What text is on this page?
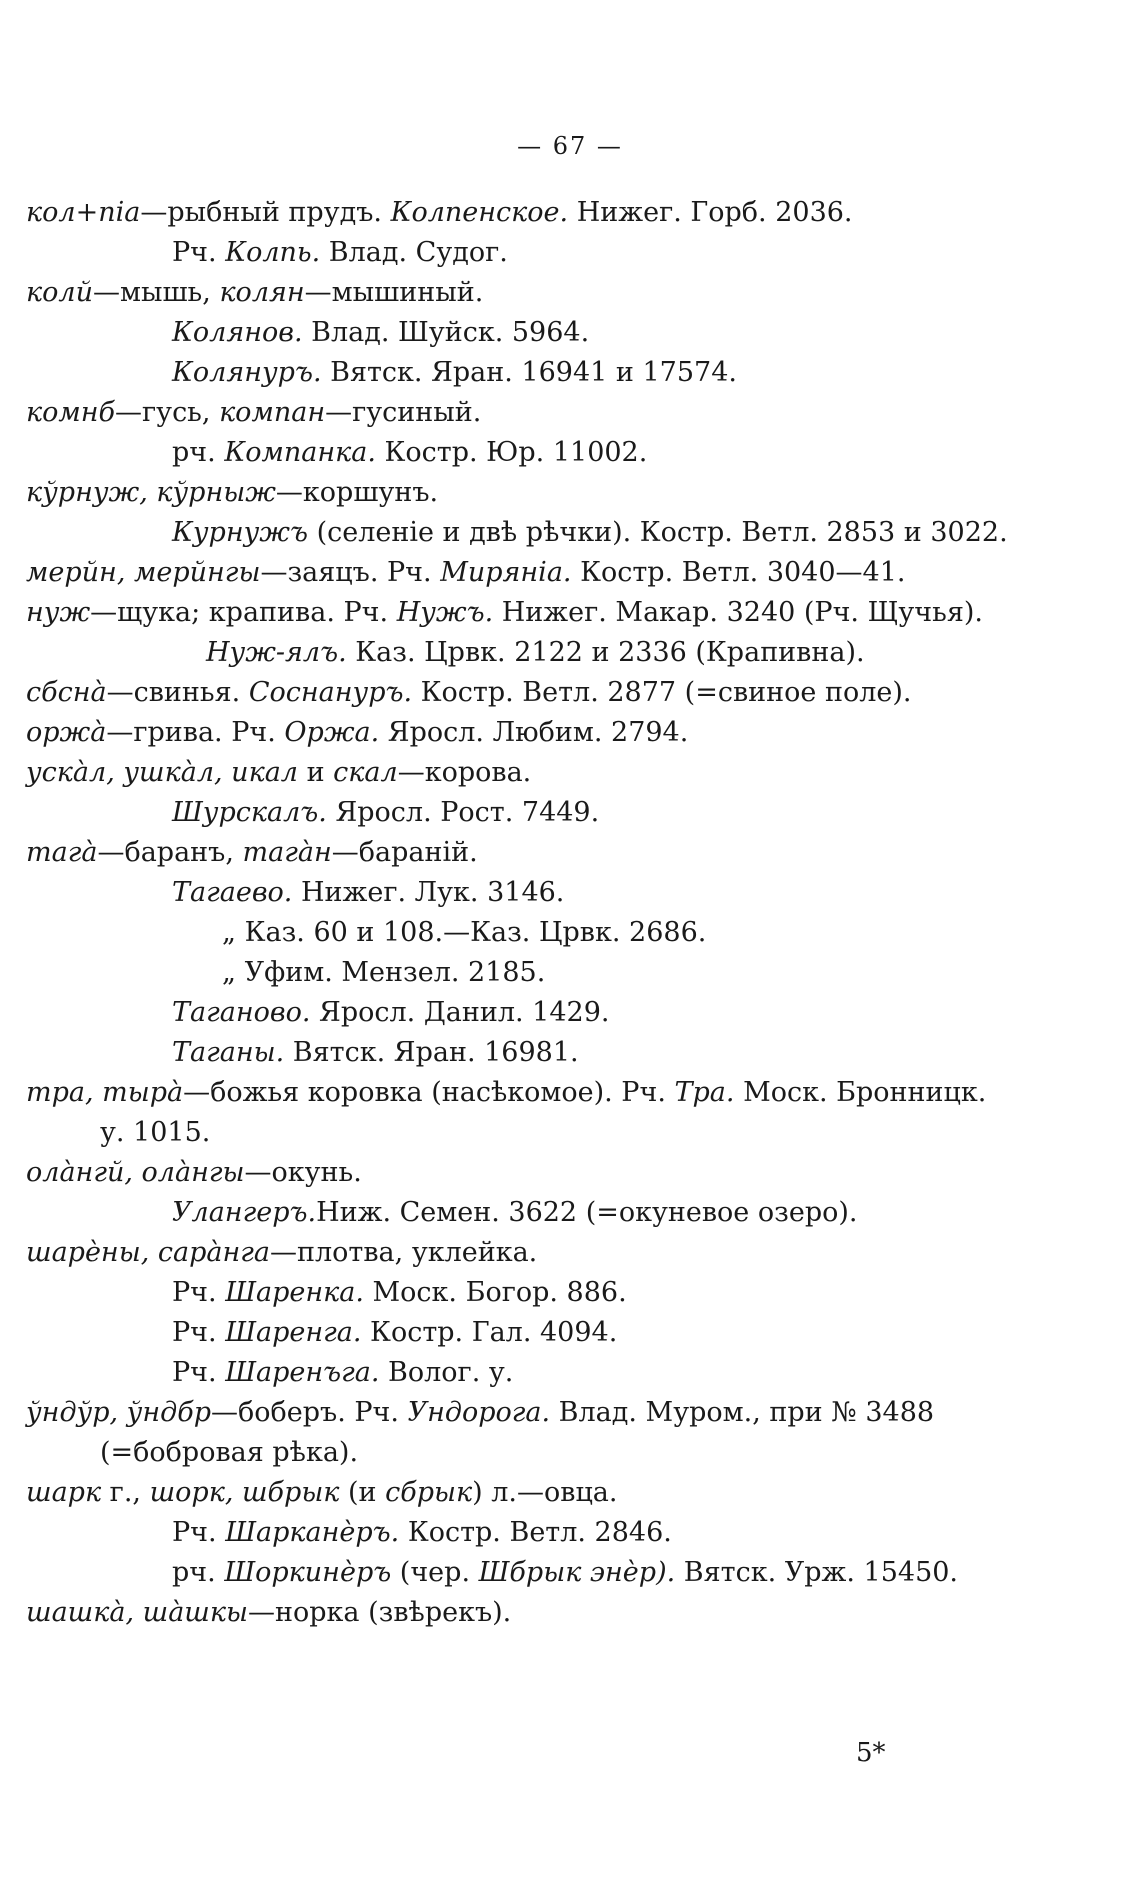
— 67 —
кол+піа—рыбный прудъ. Колпенское. Нижег. Горб. 2036.
Рч. Колпь. Влад. Судог.
колй—мышь, колян—мышиный.
Колянов. Влад. Шуйск. 5964.
Колянуръ. Вятск. Яран. 16941 и 17574.
комнб—гусь, компан—гусиный.
рч. Компанка. Костр. Юр. 11002.
кўрнуж, кўрныж—коршунъ.
Курнужъ (селеніе и двѣ рѣчки). Костр. Ветл. 2853 и 3022.
мерйн, мерйнгы—заяцъ. Рч. Миряніа. Костр. Ветл. 3040—41.
нуж—щука; крапива. Рч. Нужъ. Нижег. Макар. 3240 (Рч. Щучья).
Нуж-ялъ. Каз. Црвк. 2122 и 2336 (Крапивна).
сбснà—свинья. Соснануръ. Костр. Ветл. 2877 (=свиное поле).
оржà—грива. Рч. Оржа. Яросл. Любим. 2794.
ускàл, ушкàл, икал и скал—корова.
Шурскалъ. Яросл. Рост. 7449.
тагà—баранъ, тагàн—бараній.
Тагаево. Нижег. Лук. 3146.
„ Каз. 60 и 108.—Каз. Црвк. 2686.
„ Уфим. Мензел. 2185.
Таганово. Яросл. Данил. 1429.
Таганы. Вятск. Яран. 16981.
тра, тырà—божья коровка (насѣкомое). Рч. Тра. Моск. Бронницк.
у. 1015.
олàнгй, олàнгы—окунь.
Улангеръ.Ниж. Семен. 3622 (=окуневое озеро).
шарèны, сарàнга—плотва, уклейка.
Рч. Шаренка. Моск. Богор. 886.
Рч. Шаренга. Костр. Гал. 4094.
Рч. Шаренъга. Волог. у.
ўндўр, ўндбр—боберъ. Рч. Ундорога. Влад. Муром., при № 3488
(=бобровая рѣка).
шарк г., шорк, шбрык (и сбрык) л.—овца.
Рч. Шарканèръ. Костр. Ветл. 2846.
рч. Шоркинèръ (чер. Шбрык энèр). Вятск. Урж. 15450.
шашкà, шàшкы—норка (звѣрекъ).
5*
